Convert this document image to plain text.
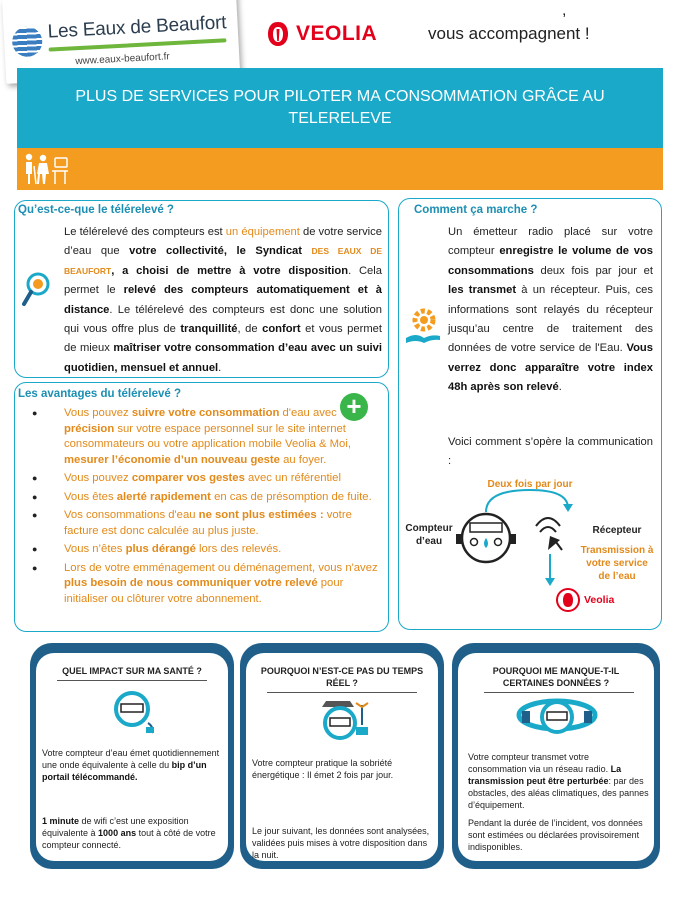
Les Eaux de Beaufort
www.eaux-beaufort.fr
VEOLIA
,
vous accompagnent !
PLUS DE SERVICES POUR PILOTER MA CONSOMMATION GRÂCE AU TELERELEVE
Qu’est-ce-que le télérelevé ?
Le télérelevé des compteurs est un équipement de votre service d’eau que votre collectivité, le Syndicat DES EAUX DE BEAUFORT, a choisi de mettre à votre disposition. Cela permet le relevé des compteurs automatiquement et à distance. Le télérelevé des compteurs est donc une solution qui vous offre plus de tranquillité, de confort et vous permet de mieux maîtriser votre consommation d’eau avec un suivi quotidien, mensuel et annuel.
Les avantages du télérelevé ?	+
● Vous pouvez suivre votre consommation d'eau avec précision sur votre espace personnel sur le site internet consommateurs ou votre application mobile Veolia & Moi, mesurer l’économie d’un nouveau geste au foyer.
● Vous pouvez comparer vos gestes avec un référentiel
● Vous êtes alerté rapidement en cas de présomption de fuite.
● Vos consommations d'eau ne sont plus estimées : votre facture est donc calculée au plus juste.
● Vous n’êtes plus dérangé lors des relevés.
● Lors de votre emménagement ou déménagement, vous n'avez plus besoin de nous communiquer votre relevé pour initialiser ou clôturer votre abonnement.
Comment ça marche ?
Un émetteur radio placé sur votre compteur enregistre le volume de vos consommations deux fois par jour et les transmet à un récepteur. Puis, ces informations sont relayés du récepteur jusqu’au centre de traitement des données de votre service de l'Eau. Vous verrez donc apparaître votre index 48h après son relevé.
Voici comment s’opère la communication :
Deux fois par jour
Compteur d’eau
Récepteur
Transmission à votre service de l’eau
Veolia
QUEL IMPACT SUR MA SANTÉ ?
Votre compteur d’eau émet quotidiennement une onde équivalente à celle du bip d’un portail télécommandé.
1 minute de wifi c’est une exposition équivalente à 1000 ans tout à côté de votre compteur connecté.
POURQUOI N’EST-CE PAS DU TEMPS RÉEL ?
Votre compteur pratique la sobriété énergétique : Il émet 2 fois par jour.
Le jour suivant, les données sont analysées, validées puis mises à votre disposition dans la nuit.
POURQUOI ME MANQUE-T-IL CERTAINES DONNÉES ?
Votre compteur transmet votre consommation via un réseau radio. La transmission peut être perturbée: par des obstacles, des aléas climatiques, des pannes d’équipement.
Pendant la durée de l’incident, vos données sont estimées ou déclarées provisoirement indisponibles.
